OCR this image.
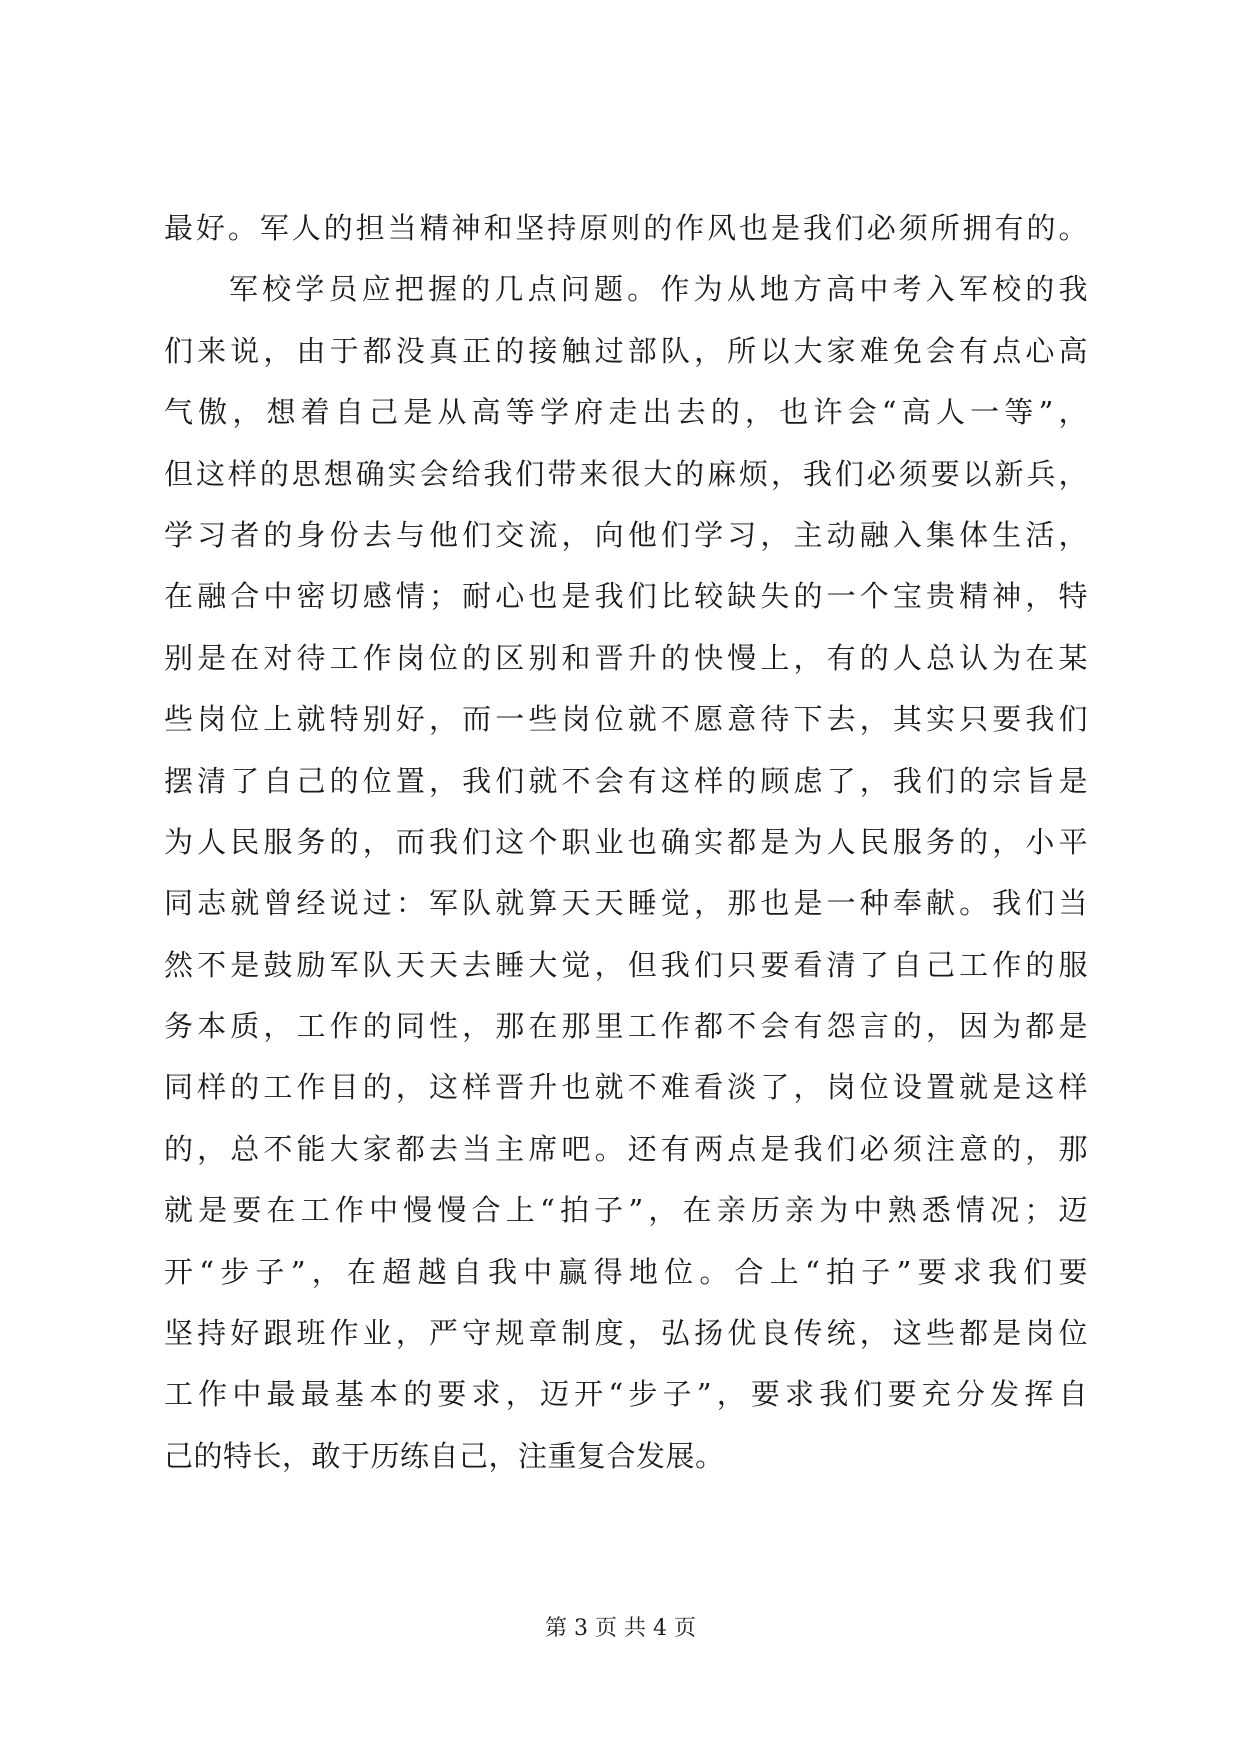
最好。军人的担当精神和坚持原则的作风也是我们必须所拥有的。
军校学员应把握的几点问题。作为从地方高中考入军校的我
们来说，由于都没真正的接触过部队，所以大家难免会有点心高
气傲，想着自己是从高等学府走出去的，也许会“高人一等”，
但这样的思想确实会给我们带来很大的麻烦，我们必须要以新兵，
学习者的身份去与他们交流，向他们学习，主动融入集体生活，
在融合中密切感情；耐心也是我们比较缺失的一个宝贵精神，特
别是在对待工作岗位的区别和晋升的快慢上，有的人总认为在某
些岗位上就特别好，而一些岗位就不愿意待下去，其实只要我们
摆清了自己的位置，我们就不会有这样的顾虑了，我们的宗旨是
为人民服务的，而我们这个职业也确实都是为人民服务的，小平
同志就曾经说过：军队就算天天睡觉，那也是一种奉献。我们当
然不是鼓励军队天天去睡大觉，但我们只要看清了自己工作的服
务本质，工作的同性，那在那里工作都不会有怨言的，因为都是
同样的工作目的，这样晋升也就不难看淡了，岗位设置就是这样
的，总不能大家都去当主席吧。还有两点是我们必须注意的，那
就是要在工作中慢慢合上“拍子”，在亲历亲为中熟悉情况；迈
开“步子”，在超越自我中赢得地位。合上“拍子”要求我们要
坚持好跟班作业，严守规章制度，弘扬优良传统，这些都是岗位
工作中最最基本的要求，迈开“步子”，要求我们要充分发挥自
己的特长，敢于历练自己，注重复合发展。
第 3 页 共 4 页
